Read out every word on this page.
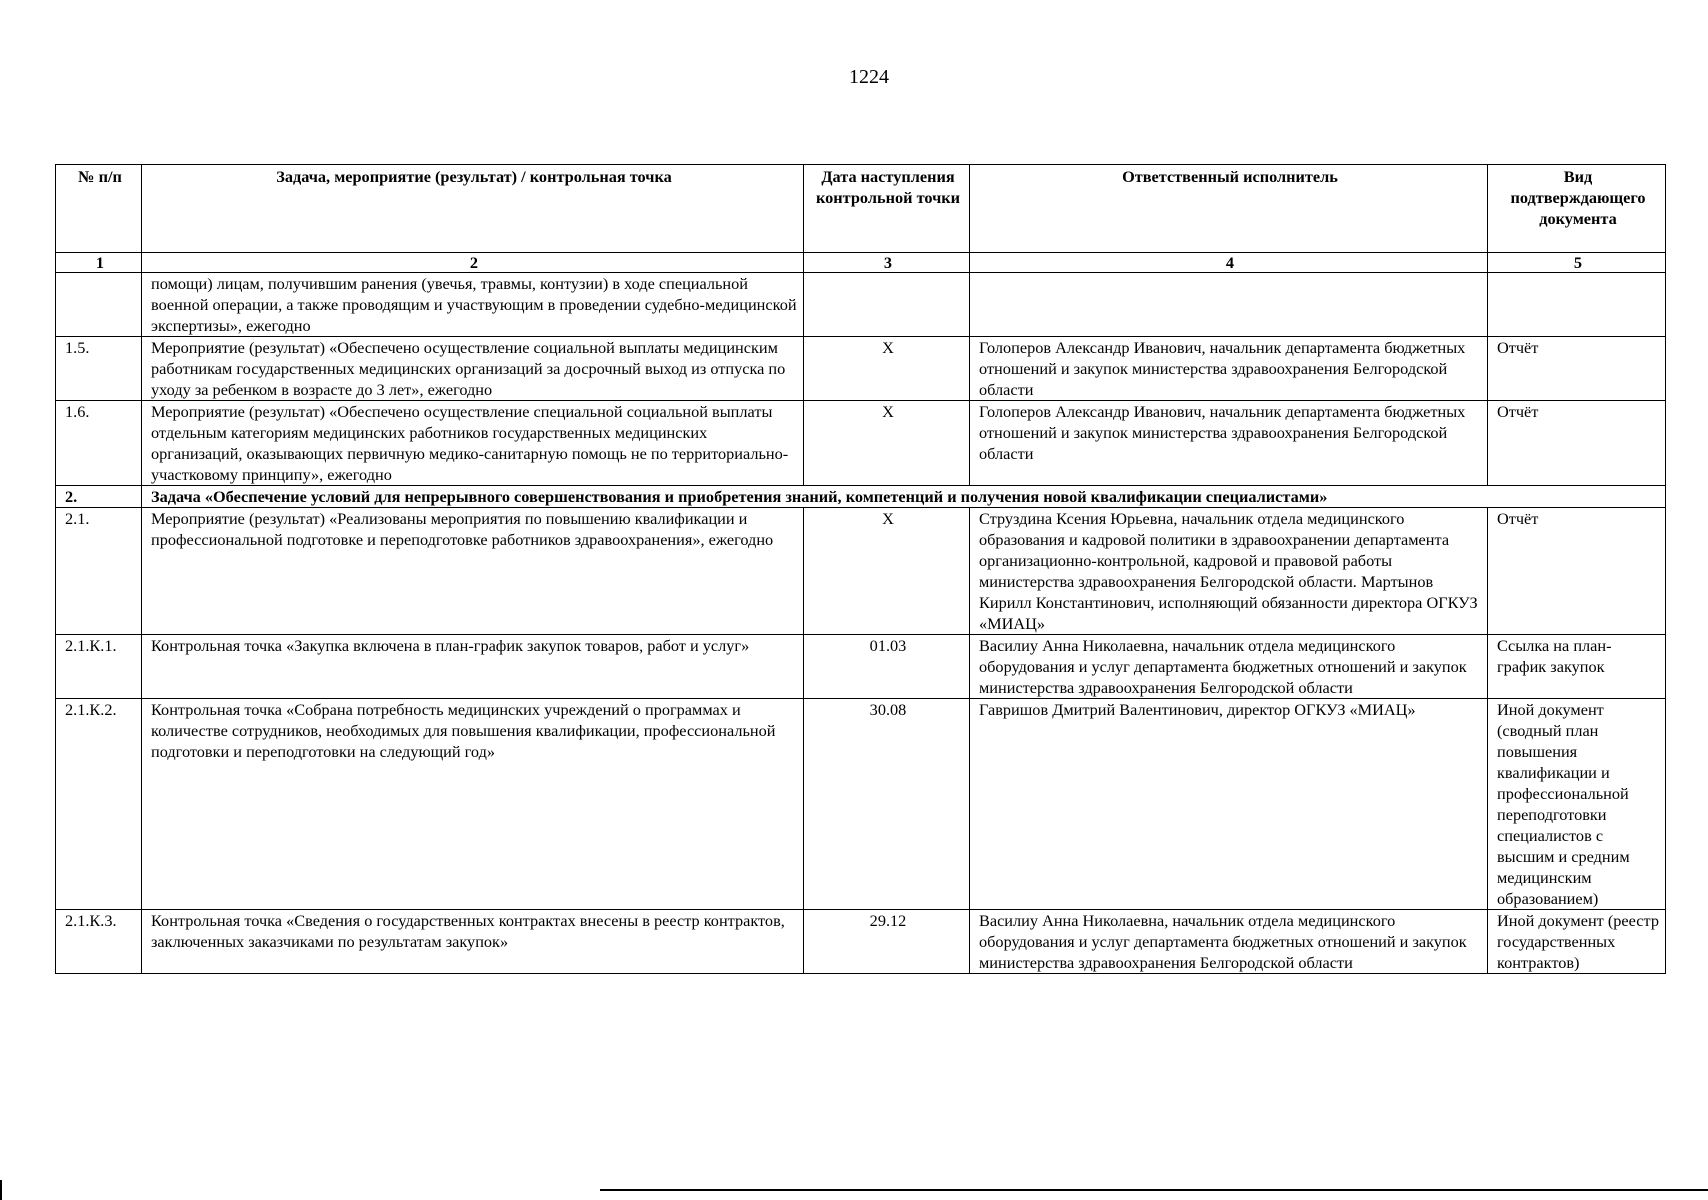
1224
№ п/п	Задача, мероприятие (результат) / контрольная точка	Дата наступления контрольной точки	Ответственный исполнитель	Вид подтверждающего документа
1	2	3	4	5
	помощи) лицам, получившим ранения (увечья, травмы, контузии) в ходе специальной военной операции, а также проводящим и участвующим в проведении судебно-медицинской экспертизы», ежегодно			
1.5.	Мероприятие (результат) «Обеспечено осуществление социальной выплаты медицинским работникам государственных медицинских организаций за досрочный выход из отпуска по уходу за ребенком в возрасте до 3 лет», ежегодно	Х	Голоперов Александр Иванович, начальник департамента бюджетных отношений и закупок министерства здравоохранения Белгородской области	Отчёт
1.6.	Мероприятие (результат) «Обеспечено осуществление специальной социальной выплаты отдельным категориям медицинских работников государственных медицинских организаций, оказывающих первичную медико-санитарную помощь не по территориально-участковому принципу», ежегодно	Х	Голоперов Александр Иванович, начальник департамента бюджетных отношений и закупок министерства здравоохранения Белгородской области	Отчёт
2.	Задача «Обеспечение условий для непрерывного совершенствования и приобретения знаний, компетенций и получения новой квалификации специалистами»			
2.1.	Мероприятие (результат) «Реализованы мероприятия по повышению квалификации и профессиональной подготовке и переподготовке работников здравоохранения», ежегодно	Х	Струздина Ксения Юрьевна, начальник отдела медицинского образования и кадровой политики в здравоохранении департамента организационно-контрольной, кадровой и правовой работы министерства здравоохранения Белгородской области. Мартынов Кирилл Константинович, исполняющий обязанности директора ОГКУЗ «МИАЦ»	Отчёт
2.1.К.1.	Контрольная точка «Закупка включена в план-график закупок товаров, работ и услуг»	01.03	Василиу Анна Николаевна, начальник отдела медицинского оборудования и услуг департамента бюджетных отношений и закупок министерства здравоохранения Белгородской области	Ссылка на план-график закупок
2.1.К.2.	Контрольная точка «Собрана потребность медицинских учреждений о программах и количестве сотрудников, необходимых для повышения квалификации, профессиональной подготовки и переподготовки на следующий год»	30.08	Гавришов Дмитрий Валентинович, директор ОГКУЗ «МИАЦ»	Иной документ (сводный план повышения квалификации и профессиональной переподготовки специалистов с высшим и средним медицинским образованием)
2.1.К.3.	Контрольная точка «Сведения о государственных контрактах внесены в реестр контрактов, заключенных заказчиками по результатам закупок»	29.12	Василиу Анна Николаевна, начальник отдела медицинского оборудования и услуг департамента бюджетных отношений и закупок министерства здравоохранения Белгородской области	Иной документ (реестр государственных контрактов)
